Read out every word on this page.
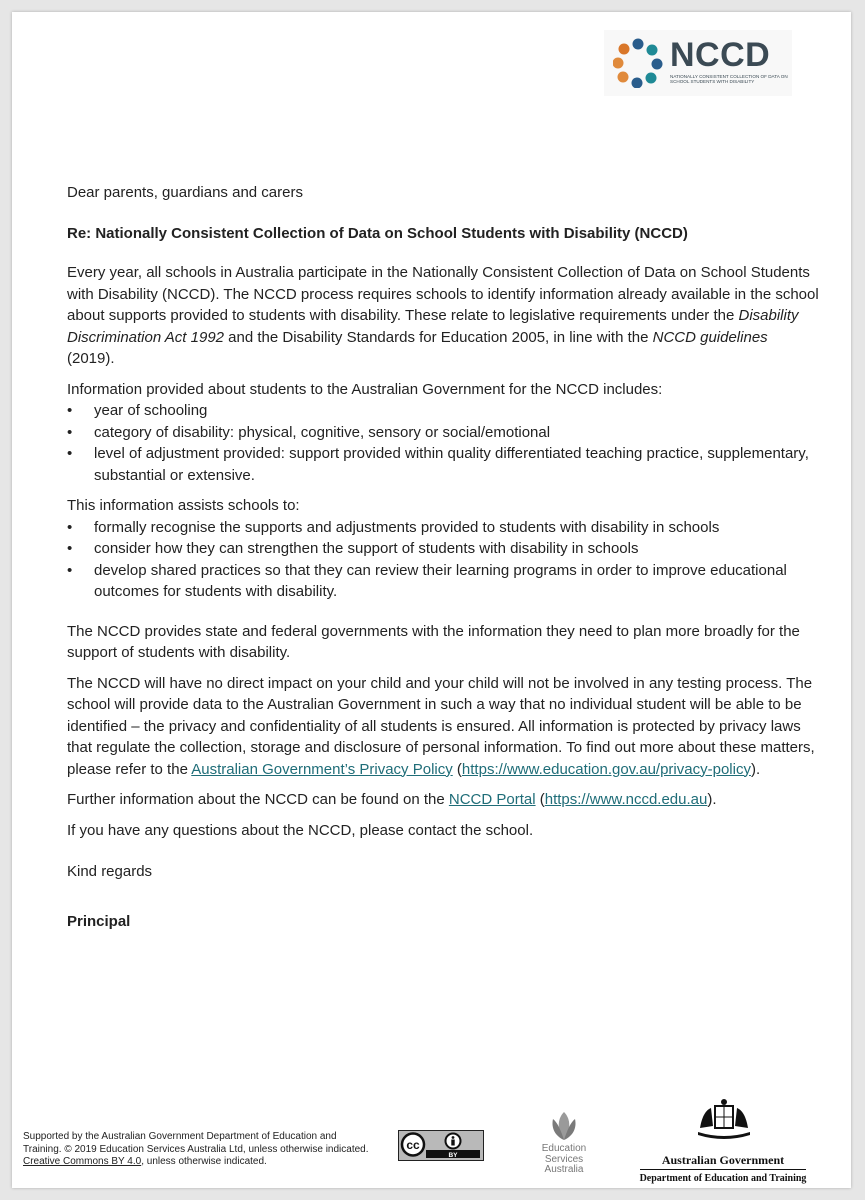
NCCD
NATIONALLY CONSISTENT COLLECTION OF DATA ON SCHOOL STUDENTS WITH DISABILITY

Dear parents, guardians and carers

Re: Nationally Consistent Collection of Data on School Students with Disability (NCCD)

Every year, all schools in Australia participate in the Nationally Consistent Collection of Data on School Students with Disability (NCCD). The NCCD process requires schools to identify information already available in the school about supports provided to students with disability. These relate to legislative requirements under the Disability Discrimination Act 1992 and the Disability Standards for Education 2005, in line with the NCCD guidelines (2019).

Information provided about students to the Australian Government for the NCCD includes:

• year of schooling
• category of disability: physical, cognitive, sensory or social/emotional
• level of adjustment provided: support provided within quality differentiated teaching practice, supplementary, substantial or extensive.

This information assists schools to:

• formally recognise the supports and adjustments provided to students with disability in schools
• consider how they can strengthen the support of students with disability in schools
• develop shared practices so that they can review their learning programs in order to improve educational outcomes for students with disability.

The NCCD provides state and federal governments with the information they need to plan more broadly for the support of students with disability.

The NCCD will have no direct impact on your child and your child will not be involved in any testing process. The school will provide data to the Australian Government in such a way that no individual student will be able to be identified – the privacy and confidentiality of all students is ensured. All information is protected by privacy laws that regulate the collection, storage and disclosure of personal information. To find out more about these matters, please refer to the Australian Government’s Privacy Policy (https://www.education.gov.au/privacy-policy).

Further information about the NCCD can be found on the NCCD Portal (https://www.nccd.edu.au).

If you have any questions about the NCCD, please contact the school.

Kind regards

Principal

Supported by the Australian Government Department of Education and Training. © 2019 Education Services Australia Ltd, unless otherwise indicated. Creative Commons BY 4.0, unless otherwise indicated.
cc
BY
Education Services Australia
Australian Government
Department of Education and Training
